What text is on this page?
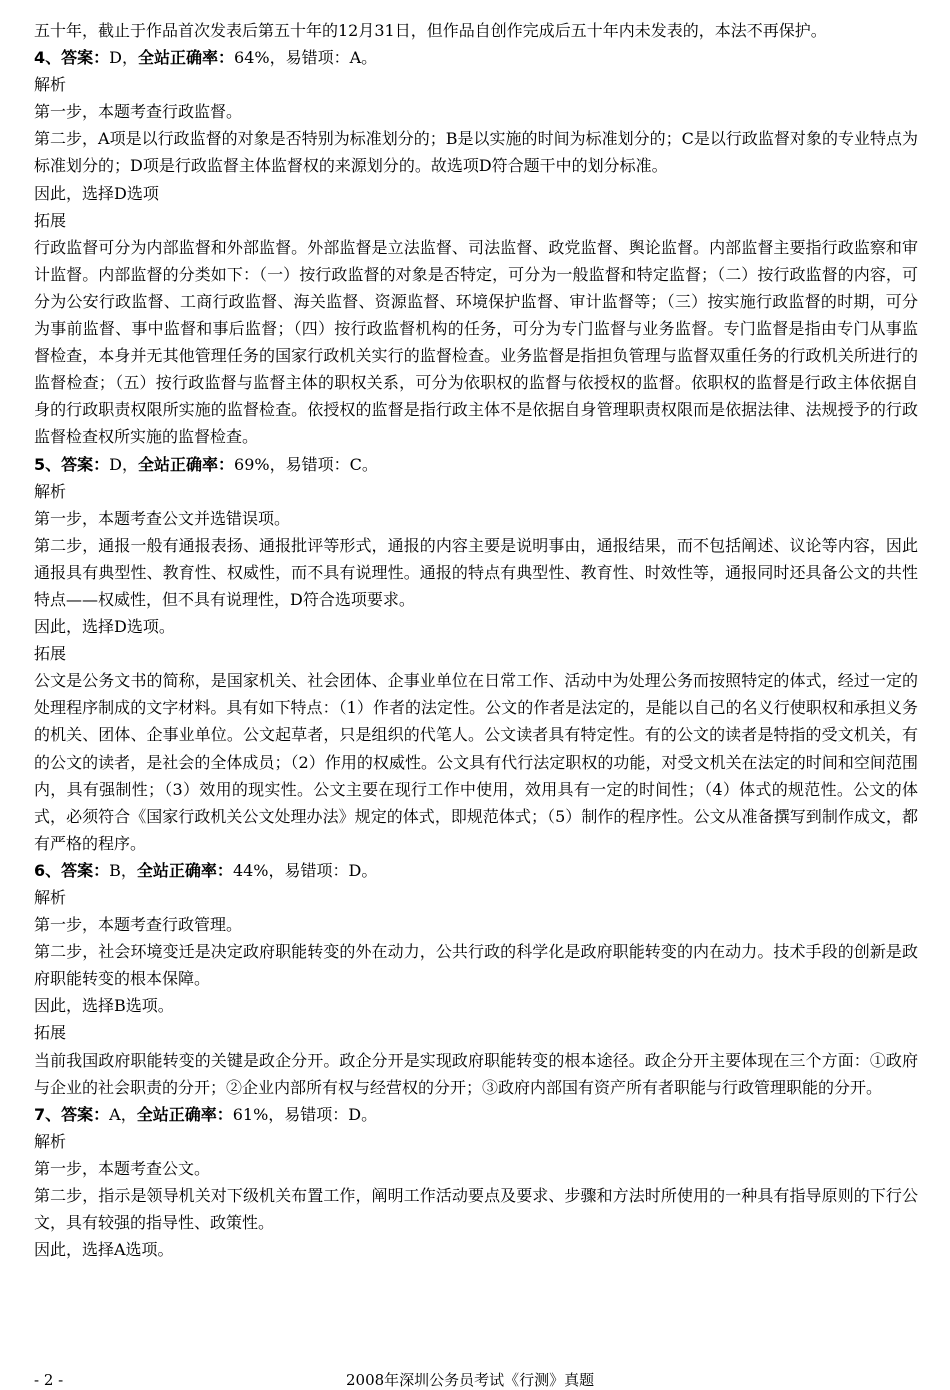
五十年，截止于作品首次发表后第五十年的12月31日，但作品自创作完成后五十年内未发表的，本法不再保护。

4、答案：D，全站正确率：64%，易错项：A。

解析

第一步，本题考查行政监督。

第二步，A项是以行政监督的对象是否特别为标准划分的；B是以实施的时间为标准划分的；C是以行政监督对象的专业特点为标准划分的；D项是行政监督主体监督权的来源划分的。故选项D符合题干中的划分标准。

因此，选择D选项

拓展

行政监督可分为内部监督和外部监督。外部监督是立法监督、司法监督、政党监督、舆论监督。内部监督主要指行政监察和审计监督。内部监督的分类如下：（一）按行政监督的对象是否特定，可分为一般监督和特定监督；（二）按行政监督的内容，可分为公安行政监督、工商行政监督、海关监督、资源监督、环境保护监督、审计监督等；（三）按实施行政监督的时期，可分为事前监督、事中监督和事后监督；（四）按行政监督机构的任务，可分为专门监督与业务监督。专门监督是指由专门从事监督检查，本身并无其他管理任务的国家行政机关实行的监督检查。业务监督是指担负管理与监督双重任务的行政机关所进行的监督检查；（五）按行政监督与监督主体的职权关系，可分为依职权的监督与依授权的监督。依职权的监督是行政主体依据自身的行政职责权限所实施的监督检查。依授权的监督是指行政主体不是依据自身管理职责权限而是依据法律、法规授予的行政监督检查权所实施的监督检查。

5、答案：D，全站正确率：69%，易错项：C。

解析

第一步，本题考查公文并选错误项。

第二步，通报一般有通报表扬、通报批评等形式，通报的内容主要是说明事由，通报结果，而不包括阐述、议论等内容，因此通报具有典型性、教育性、权威性，而不具有说理性。通报的特点有典型性、教育性、时效性等，通报同时还具备公文的共性特点——权威性，但不具有说理性，D符合选项要求。

因此，选择D选项。

拓展

公文是公务文书的简称，是国家机关、社会团体、企事业单位在日常工作、活动中为处理公务而按照特定的体式，经过一定的处理程序制成的文字材料。具有如下特点：（1）作者的法定性。公文的作者是法定的，是能以自己的名义行使职权和承担义务的机关、团体、企事业单位。公文起草者，只是组织的代笔人。公文读者具有特定性。有的公文的读者是特指的受文机关，有的公文的读者，是社会的全体成员；（2）作用的权威性。公文具有代行法定职权的功能，对受文机关在法定的时间和空间范围内，具有强制性；（3）效用的现实性。公文主要在现行工作中使用，效用具有一定的时间性；（4）体式的规范性。公文的体式，必须符合《国家行政机关公文处理办法》规定的体式，即规范体式；（5）制作的程序性。公文从准备撰写到制作成文，都有严格的程序。

6、答案：B，全站正确率：44%，易错项：D。

解析

第一步，本题考查行政管理。

第二步，社会环境变迁是决定政府职能转变的外在动力，公共行政的科学化是政府职能转变的内在动力。技术手段的创新是政府职能转变的根本保障。

因此，选择B选项。

拓展

当前我国政府职能转变的关键是政企分开。政企分开是实现政府职能转变的根本途径。政企分开主要体现在三个方面：①政府与企业的社会职责的分开；②企业内部所有权与经营权的分开；③政府内部国有资产所有者职能与行政管理职能的分开。

7、答案：A，全站正确率：61%，易错项：D。

解析

第一步，本题考查公文。

第二步，指示是领导机关对下级机关布置工作，阐明工作活动要点及要求、步骤和方法时所使用的一种具有指导原则的下行公文，具有较强的指导性、政策性。

因此，选择A选项。

- 2 -	2008年深圳公务员考试《行测》真题
